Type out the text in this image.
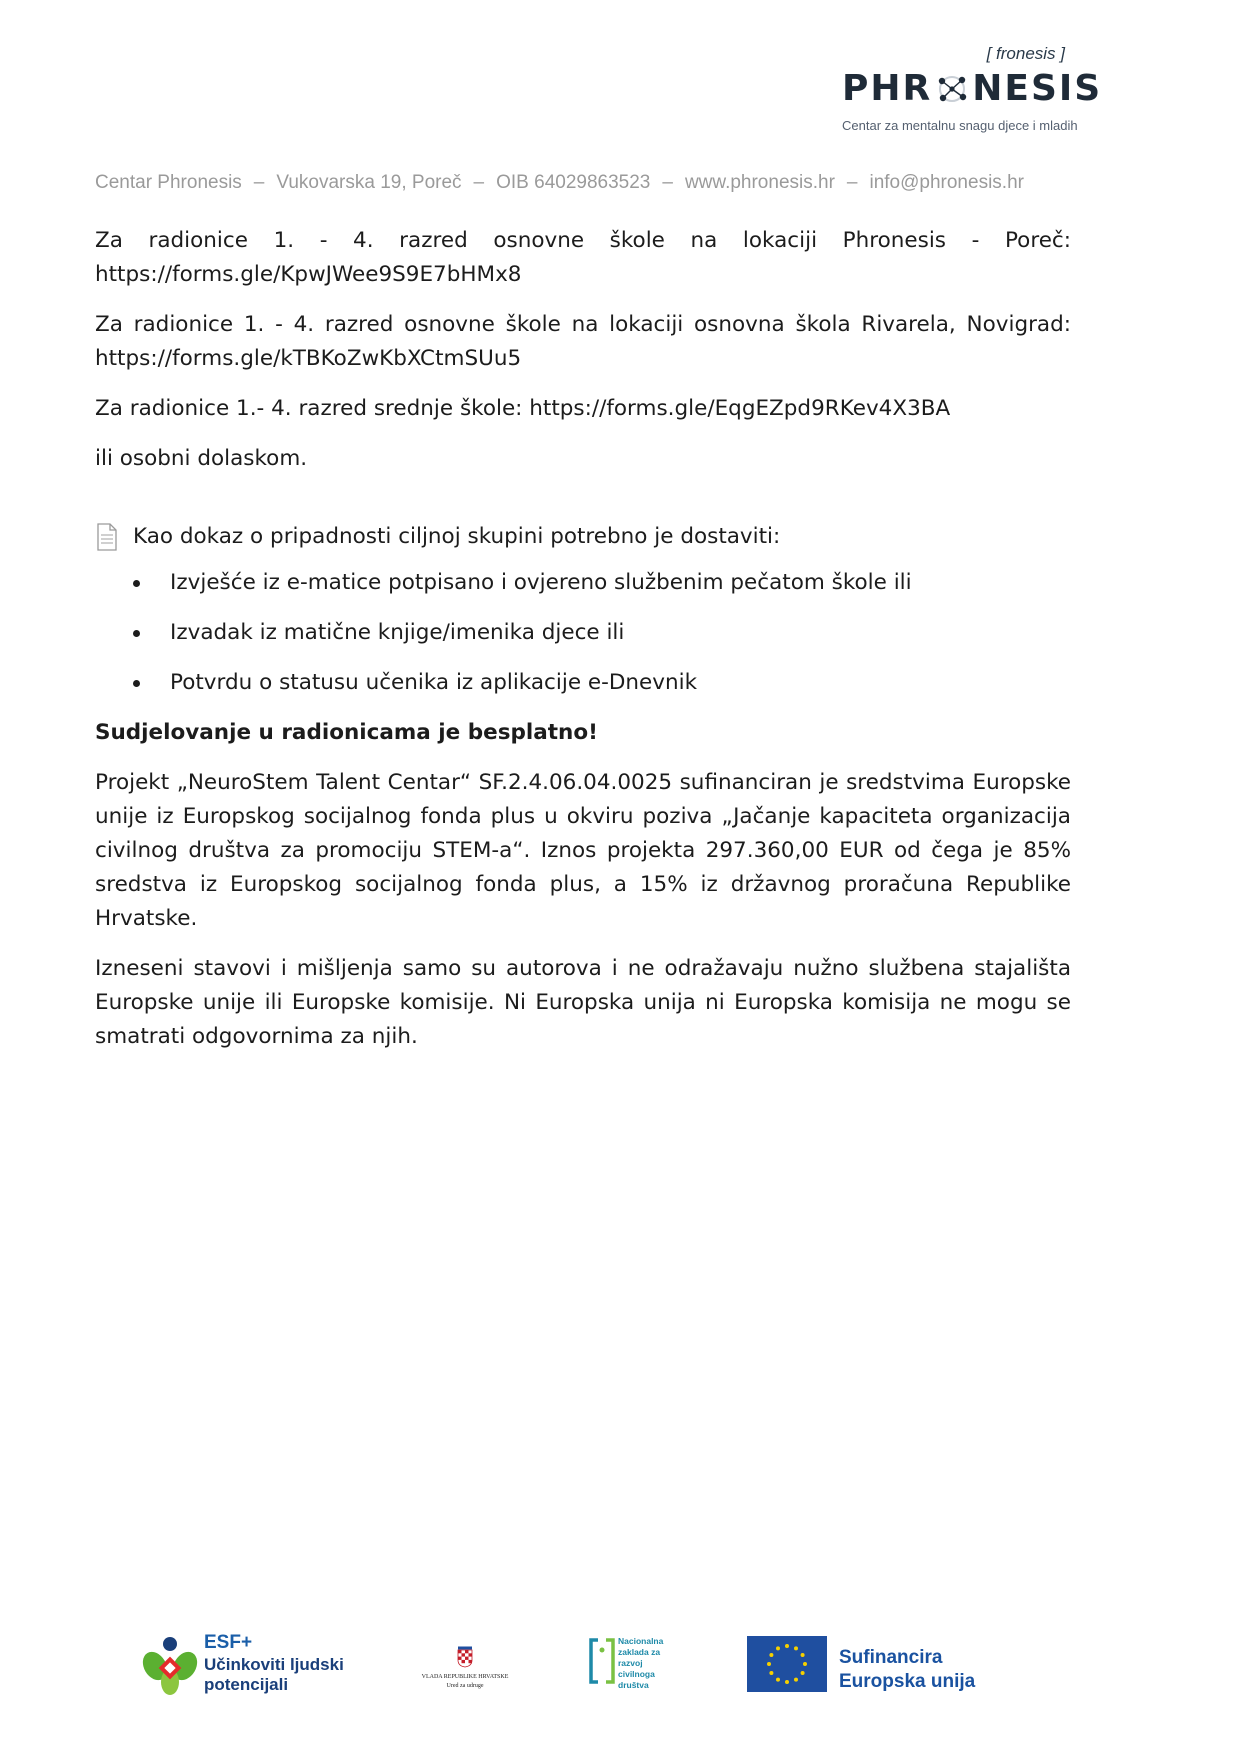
[ fronesis ]
PHR NESIS
Centar za mentalnu snagu djece i mladih
Centar Phronesis – Vukovarska 19, Poreč – OIB 64029863523 – www.phronesis.hr – info@phronesis.hr

Za radionice 1. - 4. razred osnovne škole na lokaciji Phronesis - Poreč: https://forms.gle/KpwJWee9S9E7bHMx8

Za radionice 1. - 4. razred osnovne škole na lokaciji osnovna škola Rivarela, Novigrad: https://forms.gle/kTBKoZwKbXCtmSUu5

Za radionice 1.- 4. razred srednje škole: https://forms.gle/EqgEZpd9RKev4X3BA

ili osobni dolaskom.

Kao dokaz o pripadnosti ciljnoj skupini potrebno je dostaviti:
Izvješće iz e-matice potpisano i ovjereno službenim pečatom škole ili
Izvadak iz matične knjige/imenika djece ili
Potvrdu o statusu učenika iz aplikacije e-Dnevnik

Sudjelovanje u radionicama je besplatno!

Projekt „NeuroStem Talent Centar“ SF.2.4.06.04.0025 sufinanciran je sredstvima Europske unije iz Europskog socijalnog fonda plus u okviru poziva „Jačanje kapaciteta organizacija civilnog društva za promociju STEM-a“. Iznos projekta 297.360,00 EUR od čega je 85% sredstva iz Europskog socijalnog fonda plus, a 15% iz državnog proračuna Republike Hrvatske.

Izneseni stavovi i mišljenja samo su autorova i ne odražavaju nužno službena stajališta Europske unije ili Europske komisije. Ni Europska unija ni Europska komisija ne mogu se smatrati odgovornima za njih.

ESF+
Učinkoviti ljudski
potencijali	VLADA REPUBLIKE HRVATSKE
Ured za udruge
Nacionalna
zaklada za
razvoj
civilnoga
društva
Sufinancira
Europska unija
